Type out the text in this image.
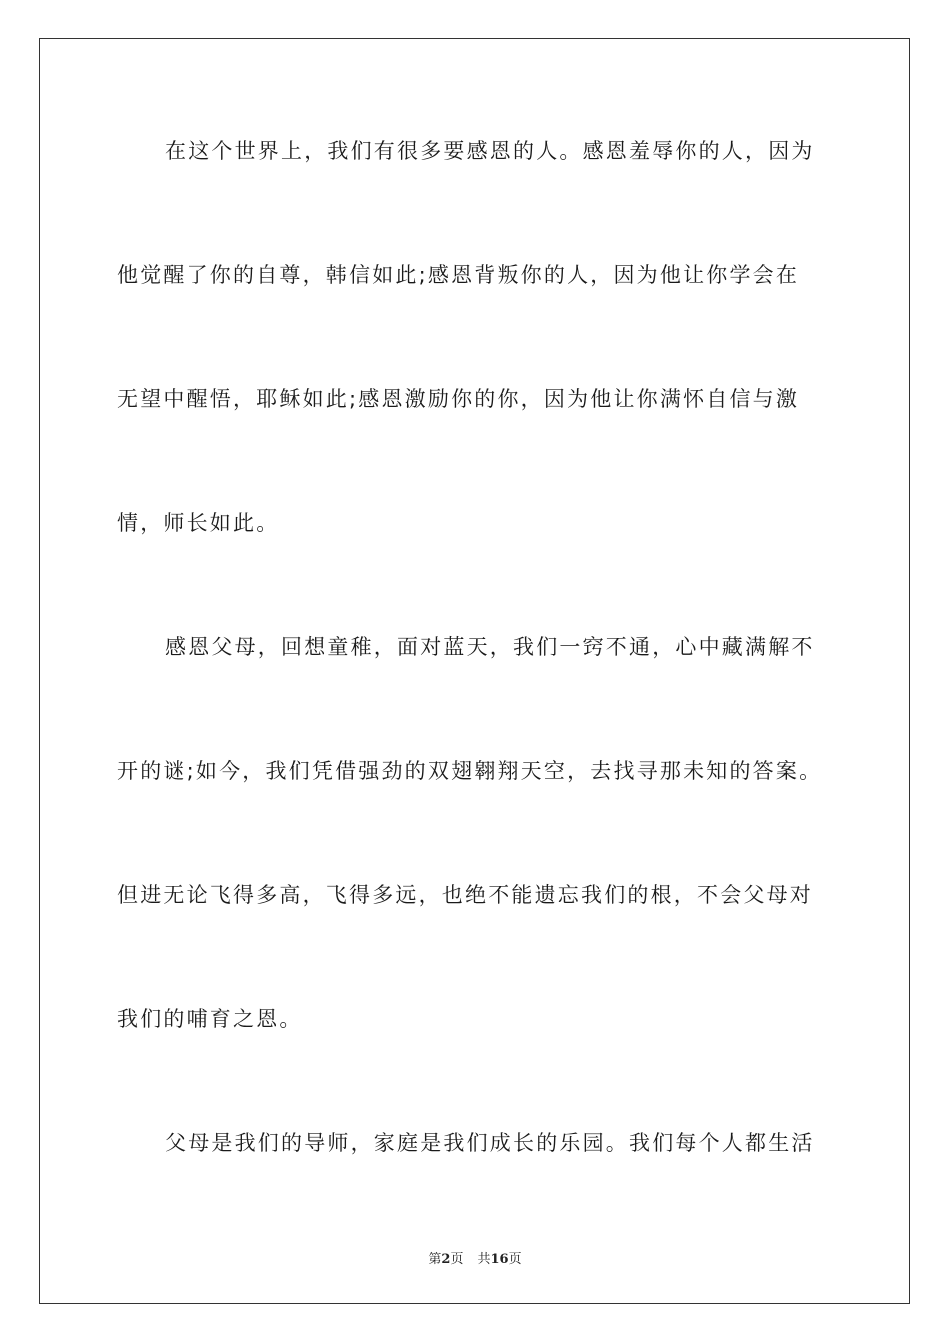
在这个世界上，我们有很多要感恩的人。感恩羞辱你的人，因为
他觉醒了你的自尊，韩信如此;感恩背叛你的人，因为他让你学会在
无望中醒悟，耶稣如此;感恩激励你的你，因为他让你满怀自信与激
情，师长如此。
感恩父母，回想童稚，面对蓝天，我们一窍不通，心中藏满解不
开的谜;如今，我们凭借强劲的双翅翱翔天空，去找寻那未知的答案。
但进无论飞得多高，飞得多远，也绝不能遗忘我们的根，不会父母对
我们的哺育之恩。
父母是我们的导师，家庭是我们成长的乐园。我们每个人都生活
第2页 共16页
